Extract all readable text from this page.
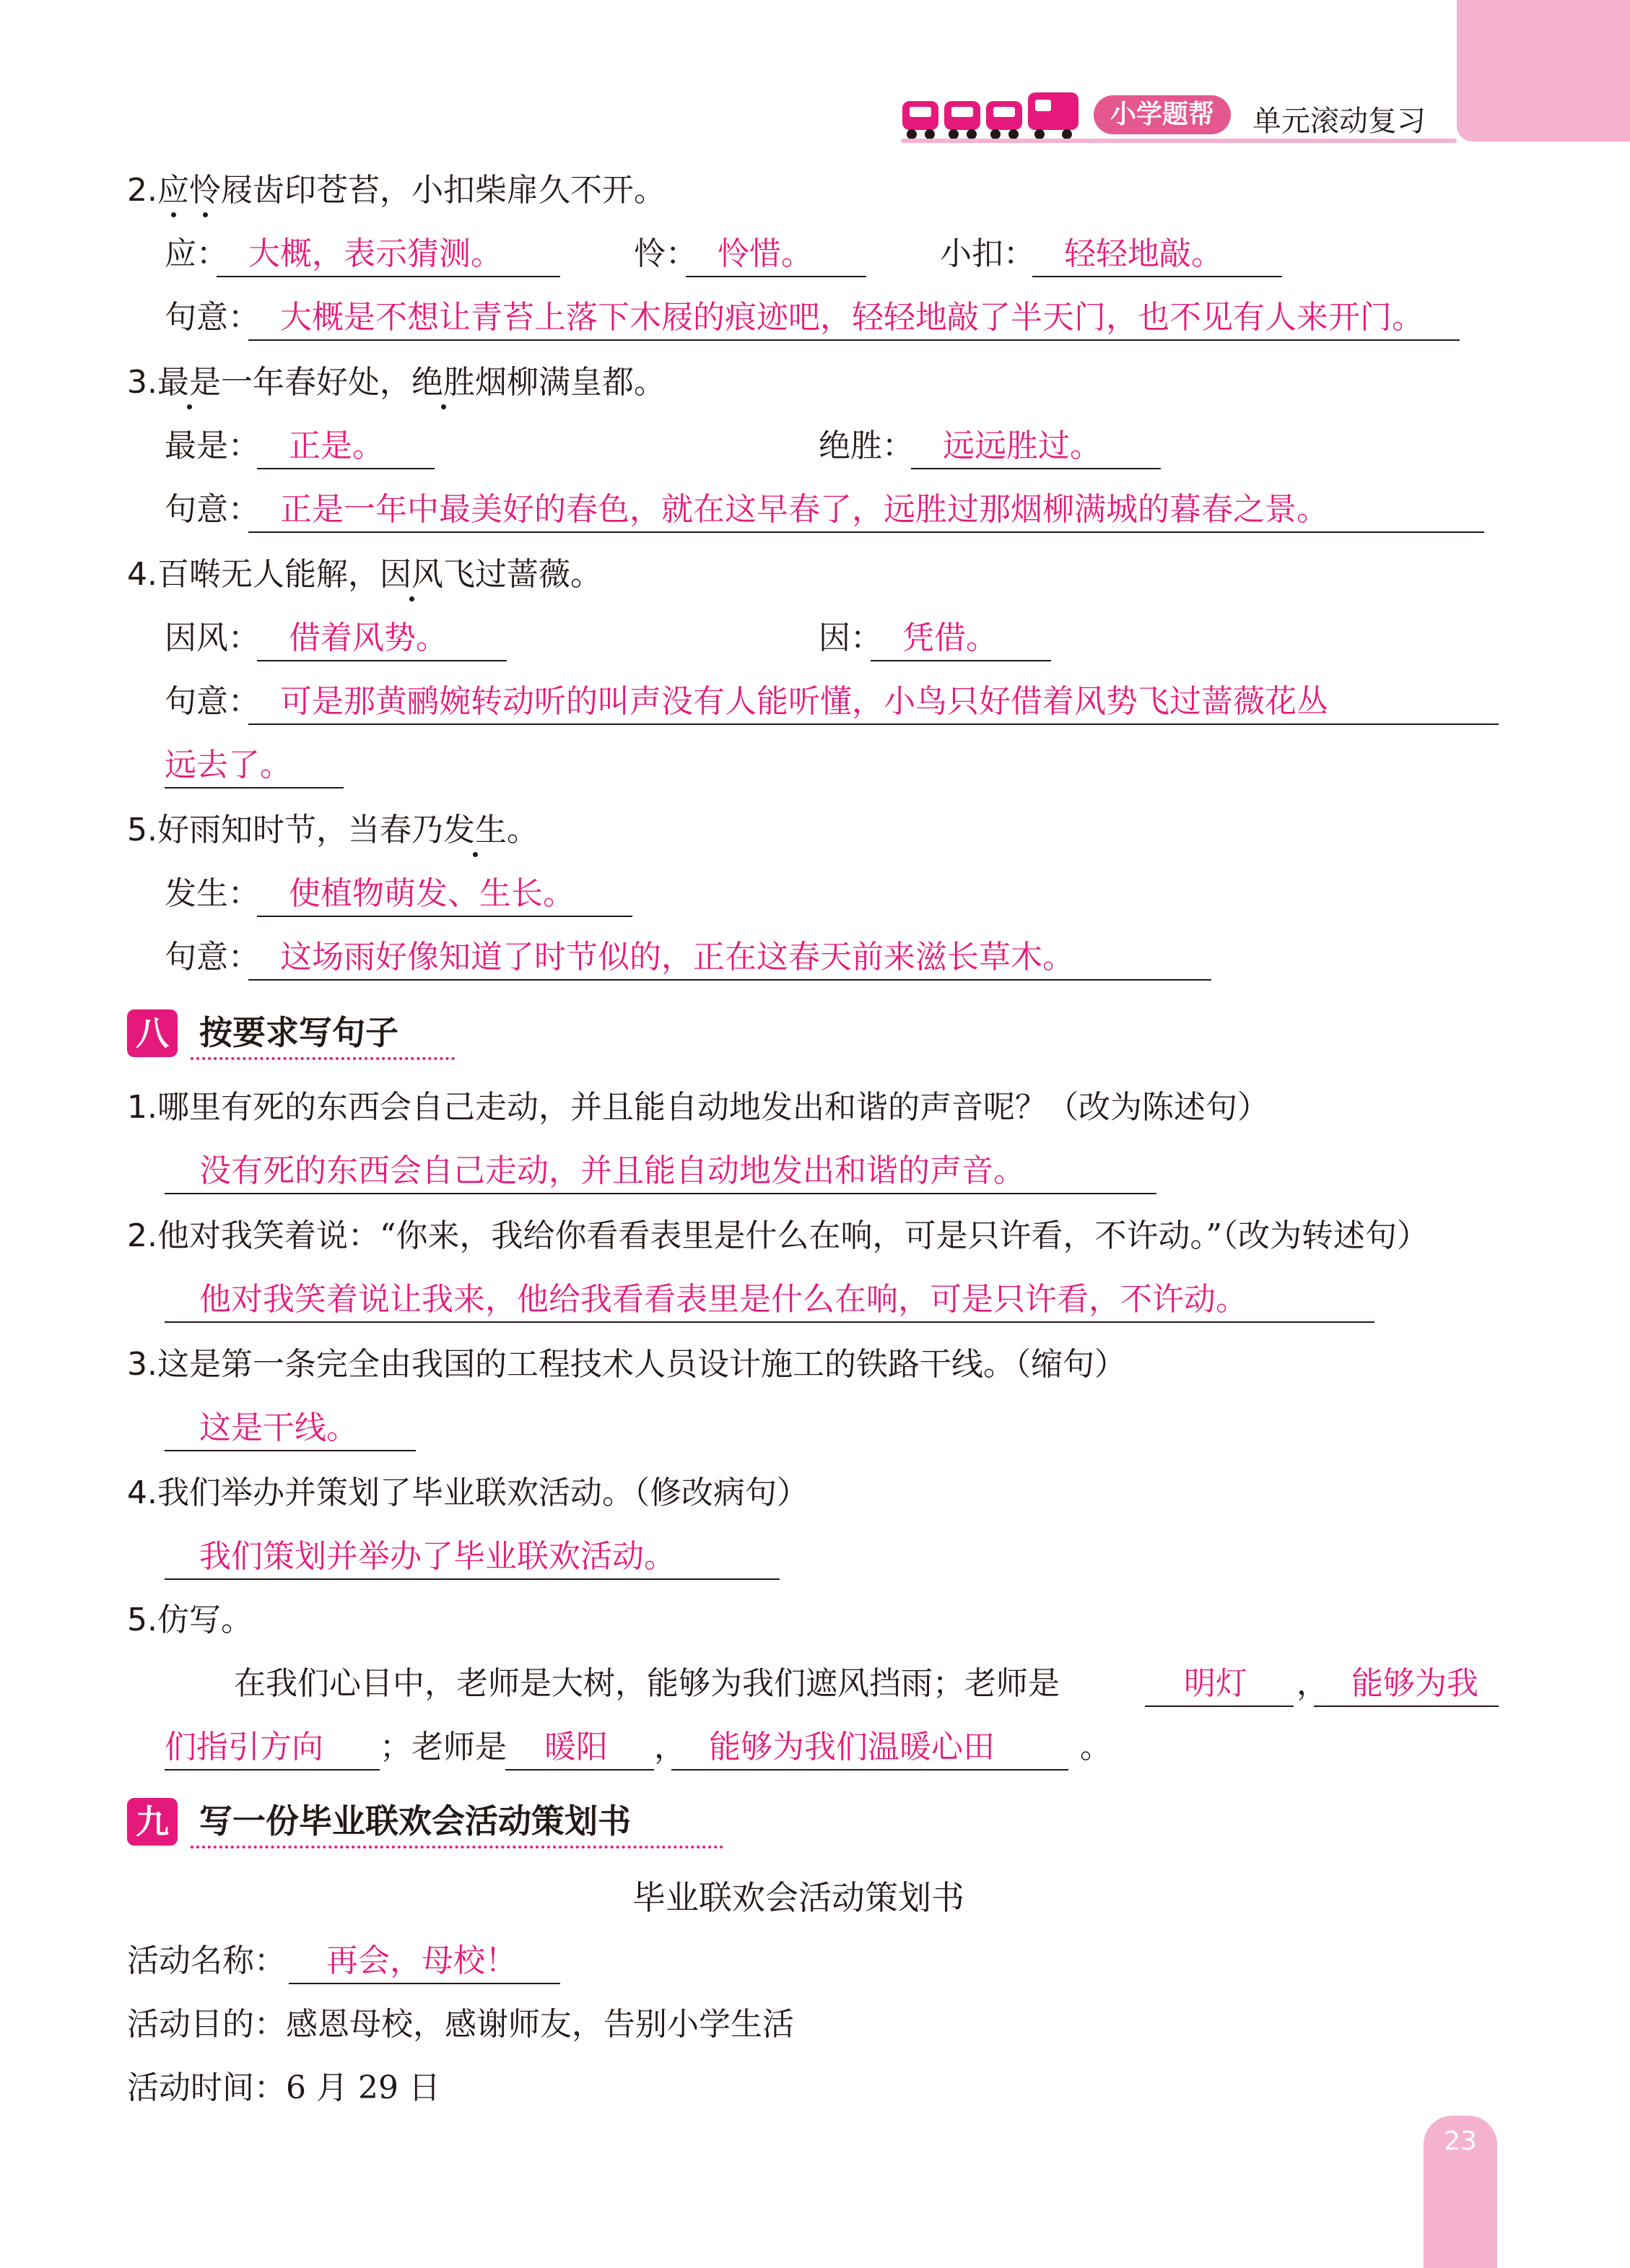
小学题帮	单元滚动复习
2.应怜屐齿印苍苔，小扣柴扉久不开。
应： 大概，表示猜测。	怜： 怜惜。	小扣： 轻轻地敲。
句意： 大概是不想让青苔上落下木屐的痕迹吧，轻轻地敲了半天门，也不见有人来开门。
3.最是一年春好处，绝胜烟柳满皇都。
最是： 正是。	绝胜： 远远胜过。
句意： 正是一年中最美好的春色，就在这早春了，远胜过那烟柳满城的暮春之景。
4.百啭无人能解，因风飞过蔷薇。
因风： 借着风势。	因： 凭借。
句意： 可是那黄鹂婉转动听的叫声没有人能听懂，小鸟只好借着风势飞过蔷薇花丛
远去了。
5.好雨知时节，当春乃发生。
发生： 使植物萌发、生长。
句意： 这场雨好像知道了时节似的，正在这春天前来滋长草木。
八 按要求写句子
1.哪里有死的东西会自己走动，并且能自动地发出和谐的声音呢？（改为陈述句）
没有死的东西会自己走动，并且能自动地发出和谐的声音。
2.他对我笑着说：“你来，我给你看看表里是什么在响，可是只许看，不许动。”（改为转述句）
他对我笑着说让我来，他给我看看表里是什么在响，可是只许看，不许动。
3.这是第一条完全由我国的工程技术人员设计施工的铁路干线。（缩句）
这是干线。
4.我们举办并策划了毕业联欢活动。（修改病句）
我们策划并举办了毕业联欢活动。
5.仿写。
在我们心目中，老师是大树，能够为我们遮风挡雨；老师是	明灯	， 能够为我
们指引方向	；老师是	暖阳	， 能够为我们温暖心田	。
九 写一份毕业联欢会活动策划书
毕业联欢会活动策划书
活动名称：	再会，母校！
活动目的：感恩母校，感谢师友，告别小学生活
活动时间：6 月 29 日
23
